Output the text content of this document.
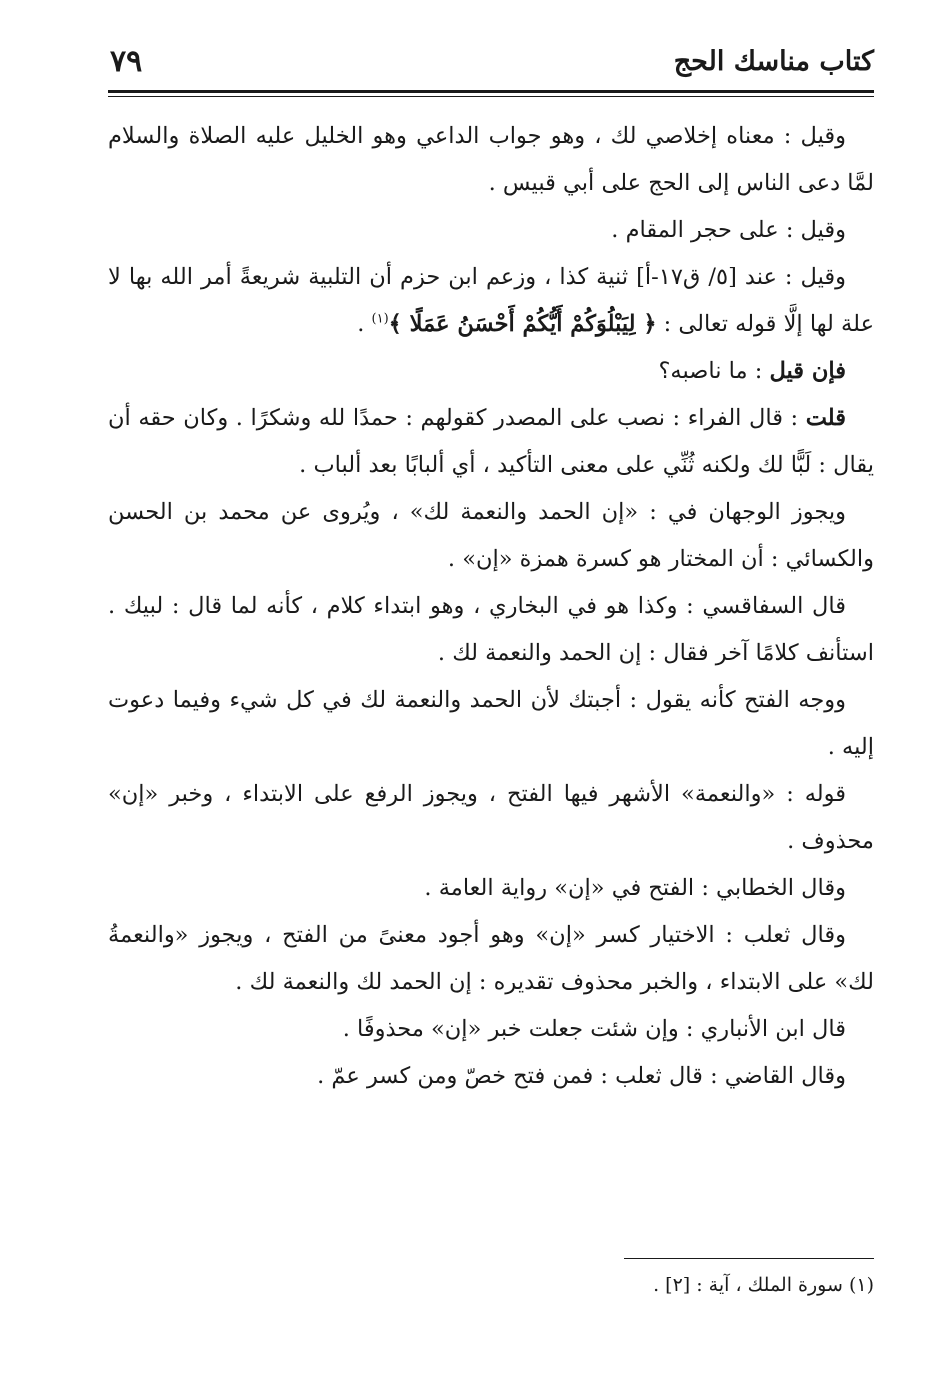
كتاب مناسك الحج
٧٩

وقيل : معناه إخلاصي لك ، وهو جواب الداعي وهو الخليل عليه الصلاة والسلام لمَّا دعى الناس إلى الحج على أبي قبيس .

وقيل : على حجر المقام .

وقيل : عند [٥/ ق١٧-أ] ثنية كذا ، وزعم ابن حزم أن التلبية شريعةً أمر الله بها لا علة لها إلَّا قوله تعالى : ﴿ لِيَبْلُوَكُمْ أَيُّكُمْ أَحْسَنُ عَمَلًا ﴾$^{(١)}$ .

فإن قيل : ما ناصبه؟

قلت : قال الفراء : نصب على المصدر كقولهم : حمدًا لله وشكرًا . وكان حقه أن يقال : لَبًّا لك ولكنه ثُنِّي على معنى التأكيد ، أي ألبابًا بعد ألباب .

ويجوز الوجهان في : «إن الحمد والنعمة لك» ، ويُروى عن محمد بن الحسن والكسائي : أن المختار هو كسرة همزة «إن» .

قال السفاقسي : وكذا هو في البخاري ، وهو ابتداء كلام ، كأنه لما قال : لبيك . استأنف كلامًا آخر فقال : إن الحمد والنعمة لك .

ووجه الفتح كأنه يقول : أجبتك لأن الحمد والنعمة لك في كل شيء وفيما دعوت إليه .

قوله : «والنعمة» الأشهر فيها الفتح ، ويجوز الرفع على الابتداء ، وخبر «إن» محذوف .

وقال الخطابي : الفتح في «إن» رواية العامة .

وقال ثعلب : الاختيار كسر «إن» وهو أجود معنىً من الفتح ، ويجوز «والنعمةُ لك» على الابتداء ، والخبر محذوف تقديره : إن الحمد لك والنعمة لك .

قال ابن الأنباري : وإن شئت جعلت خبر «إن» محذوفًا .

وقال القاضي : قال ثعلب : فمن فتح خصّ ومن كسر عمّ .

(١) سورة الملك ، آية : [٢] .
